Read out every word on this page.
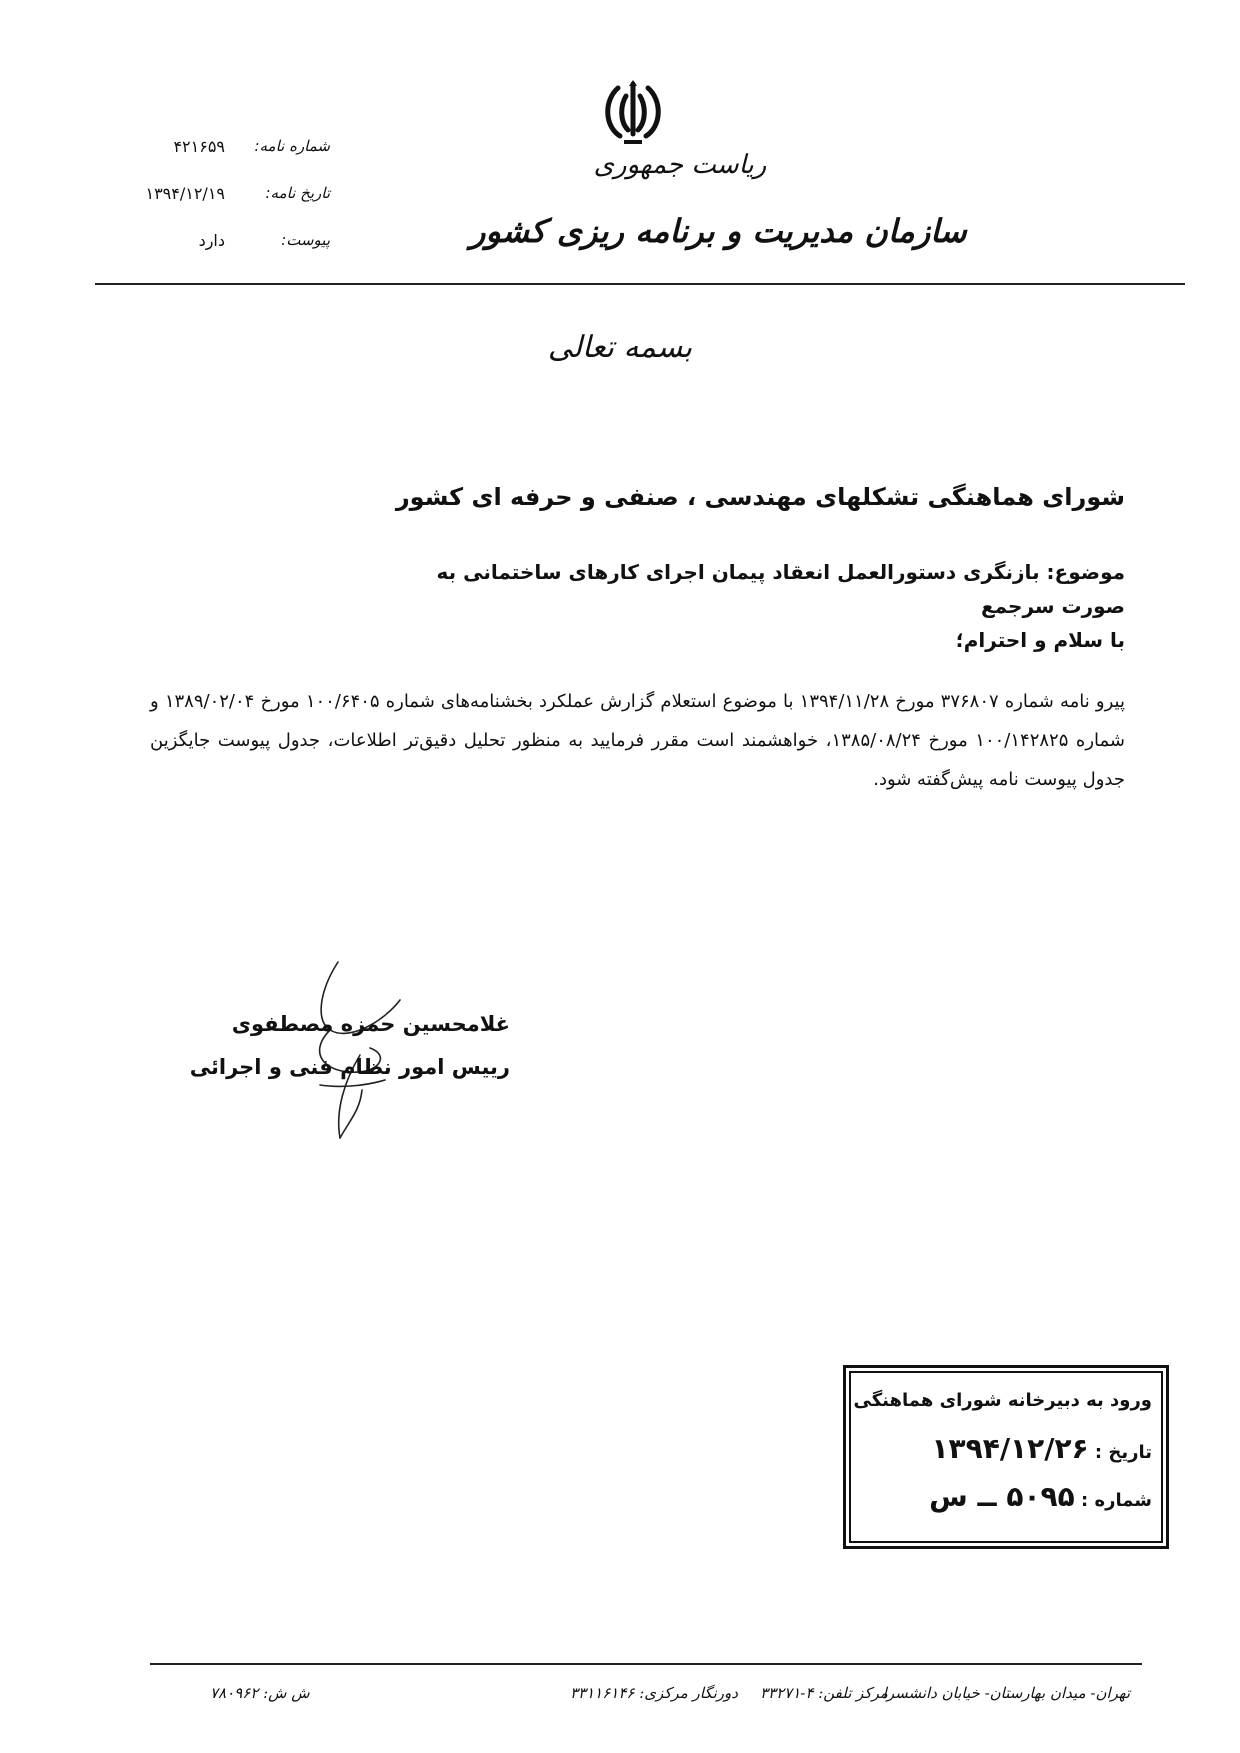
ریاست جمهوری
سازمان مدیریت و برنامه ریزی کشور
شماره نامه:
۴۲۱۶۵۹
تاریخ نامه:
۱۳۹۴/۱۲/۱۹
پیوست:
دارد
بسمه تعالی
شورای هماهنگی تشکلهای مهندسی ، صنفی و حرفه ای کشور
موضوع: بازنگری دستورالعمل انعقاد پیمان اجرای کارهای ساختمانی به صورت سرجمع
با سلام و احترام؛
پیرو نامه شماره ۳۷۶۸۰۷ مورخ ۱۳۹۴/۱۱/۲۸ با موضوع استعلام گزارش عملکرد بخشنامه‌های شماره ۱۰۰/۶۴۰۵ مورخ ۱۳۸۹/۰۲/۰۴ و شماره ۱۰۰/۱۴۲۸۲۵ مورخ ۱۳۸۵/۰۸/۲۴، خواهشمند است مقرر فرمایید به منظور تحلیل دقیق‌تر اطلاعات، جدول پیوست جایگزین جدول پیوست نامه پیش‌گفته شود.
غلامحسین حمزه مصطفوی
رییس امور نظام فنی و اجرائی
ورود به دبیرخانه شورای هماهنگی
تاریخ : ۱۳۹۴/۱۲/۲۶
شماره : ۵۰۹۵ ــ س
تهران- میدان بهارستان- خیابان دانشسرا
مرکز تلفن: ۴-۳۳۲۷۱
دورنگار مرکزی: ۳۳۱۱۶۱۴۶
ش ش: ۷۸۰۹۶۲
